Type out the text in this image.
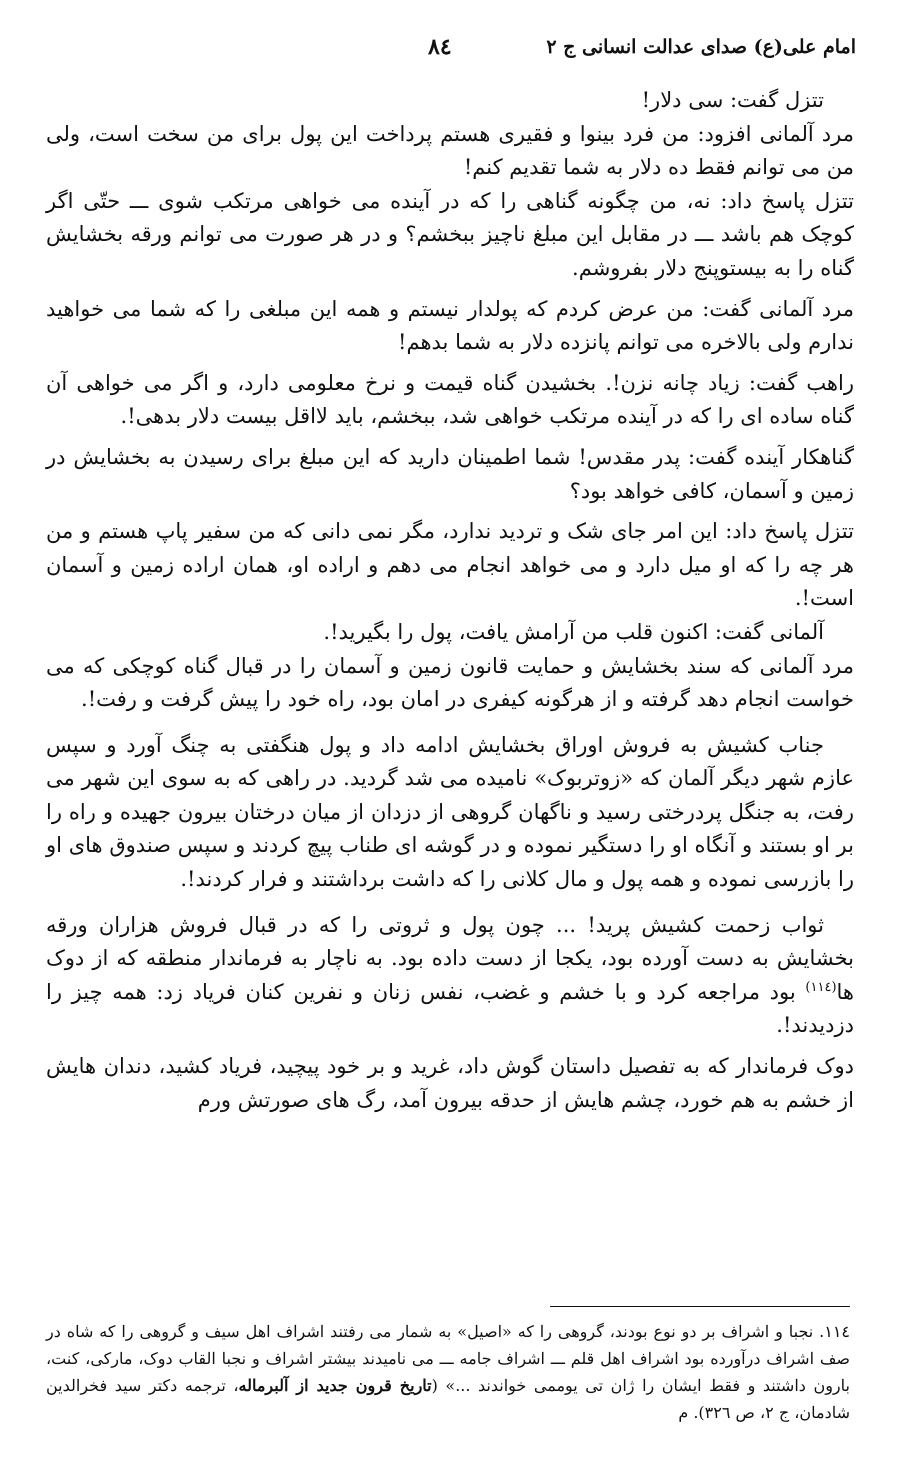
امام علی(ع) صدای عدالت انسانی ج ۲
۸٤

تتزل گفت: سی دلار!

مرد آلمانی افزود: من فرد بینوا و فقیری هستم پرداخت این پول برای من سخت است، ولی من می توانم فقط ده دلار به شما تقدیم کنم!

تتزل پاسخ داد: نه، من چگونه گناهی را که در آینده می خواهی مرتکب شوی ـــ حتّی اگر کوچک هم باشد ـــ در مقابل این مبلغ ناچیز ببخشم؟ و در هر صورت می توانم ورقه بخشایش گناه را به بیستوپنج دلار بفروشم.

مرد آلمانی گفت: من عرض کردم که پولدار نیستم و همه این مبلغی را که شما می خواهید ندارم ولی بالاخره می توانم پانزده دلار به شما بدهم!

راهب گفت: زیاد چانه نزن!. بخشیدن گناه قیمت و نرخ معلومی دارد، و اگر می خواهی آن گناه ساده ای را که در آینده مرتکب خواهی شد، ببخشم، باید لااقل بیست دلار بدهی!.

گناهکار آینده گفت: پدر مقدس! شما اطمینان دارید که این مبلغ برای رسیدن به بخشایش در زمین و آسمان، کافی خواهد بود؟

تتزل پاسخ داد: این امر جای شک و تردید ندارد، مگر نمی دانی که من سفیر پاپ هستم و من هر چه را که او میل دارد و می خواهد انجام می دهم و اراده او، همان اراده زمین و آسمان است!.

آلمانی گفت: اکنون قلب من آرامش یافت، پول را بگیرید!.

مرد آلمانی که سند بخشایش و حمایت قانون زمین و آسمان را در قبال گناه کوچکی که می خواست انجام دهد گرفته و از هرگونه کیفری در امان بود، راه خود را پیش گرفت و رفت!.

جناب کشیش به فروش اوراق بخشایش ادامه داد و پول هنگفتی به چنگ آورد و سپس عازم شهر دیگر آلمان که «زوتربوک» نامیده می شد گردید. در راهی که به سوی این شهر می رفت، به جنگل پردرختی رسید و ناگهان گروهی از دزدان از میان درختان بیرون جهیده و راه را بر او بستند و آنگاه او را دستگیر نموده و در گوشه ای طناب پیچ کردند و سپس صندوق های او را بازرسی نموده و همه پول و مال کلانی را که داشت برداشتند و فرار کردند!.

ثواب زحمت کشیش پرید! ... چون پول و ثروتی را که در قبال فروش هزاران ورقه بخشایش به دست آورده بود، یکجا از دست داده بود. به ناچار به فرماندار منطقه که از دوک ها$^{(١١٤)}$ بود مراجعه کرد و با خشم و غضب، نفس زنان و نفرین کنان فریاد زد: همه چیز را دزدیدند!.

دوک فرماندار که به تفصیل داستان گوش داد، غرید و بر خود پیچید، فریاد کشید، دندان هایش از خشم به هم خورد، چشم هایش از حدقه بیرون آمد، رگ های صورتش ورم

١١٤. نجبا و اشراف بر دو نوع بودند، گروهی را که «اصیل» به شمار می رفتند اشراف اهل سیف و گروهی را که شاه در صف اشراف درآورده بود اشراف اهل قلم ـــ اشراف جامه ـــ می نامیدند بیشتر اشراف و نجبا القاب دوک، مارکی، کنت، بارون داشتند و فقط ایشان را ژان تی یوممی خواندند ...» (تاریخ قرون جدید از آلبرماله، ترجمه دکتر سید فخرالدین شادمان، ج ۲، ص ۳۲٦). م
